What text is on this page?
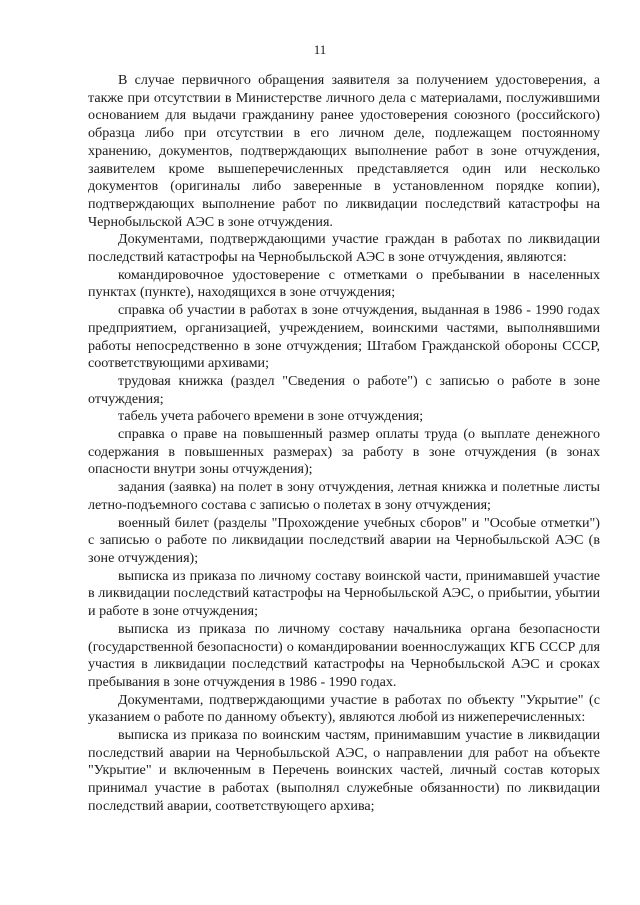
11

В случае первичного обращения заявителя за получением удостоверения, а также при отсутствии в Министерстве личного дела с материалами, послужившими основанием для выдачи гражданину ранее удостоверения союзного (российского) образца либо при отсутствии в его личном деле, подлежащем постоянному хранению, документов, подтверждающих выполнение работ в зоне отчуждения, заявителем кроме вышеперечисленных представляется один или несколько документов (оригиналы либо заверенные в установленном порядке копии), подтверждающих выполнение работ по ликвидации последствий катастрофы на Чернобыльской АЭС в зоне отчуждения.

Документами, подтверждающими участие граждан в работах по ликвидации последствий катастрофы на Чернобыльской АЭС в зоне отчуждения, являются:

командировочное удостоверение с отметками о пребывании в населенных пунктах (пункте), находящихся в зоне отчуждения;

справка об участии в работах в зоне отчуждения, выданная в 1986 - 1990 годах предприятием, организацией, учреждением, воинскими частями, выполнявшими работы непосредственно в зоне отчуждения; Штабом Гражданской обороны СССР, соответствующими архивами;

трудовая книжка (раздел "Сведения о работе") с записью о работе в зоне отчуждения;

табель учета рабочего времени в зоне отчуждения;

справка о праве на повышенный размер оплаты труда (о выплате денежного содержания в повышенных размерах) за работу в зоне отчуждения (в зонах опасности внутри зоны отчуждения);

задания (заявка) на полет в зону отчуждения, летная книжка и полетные листы летно-подъемного состава с записью о полетах в зону отчуждения;

военный билет (разделы "Прохождение учебных сборов" и "Особые отметки") с записью о работе по ликвидации последствий аварии на Чернобыльской АЭС (в зоне отчуждения);

выписка из приказа по личному составу воинской части, принимавшей участие в ликвидации последствий катастрофы на Чернобыльской АЭС, о прибытии, убытии и работе в зоне отчуждения;

выписка из приказа по личному составу начальника органа безопасности (государственной безопасности) о командировании военнослужащих КГБ СССР для участия в ликвидации последствий катастрофы на Чернобыльской АЭС и сроках пребывания в зоне отчуждения в 1986 - 1990 годах.

Документами, подтверждающими участие в работах по объекту "Укрытие" (с указанием о работе по данному объекту), являются любой из нижеперечисленных:

выписка из приказа по воинским частям, принимавшим участие в ликвидации последствий аварии на Чернобыльской АЭС, о направлении для работ на объекте "Укрытие" и включенным в Перечень воинских частей, личный состав которых принимал участие в работах (выполнял служебные обязанности) по ликвидации последствий аварии, соответствующего архива;
